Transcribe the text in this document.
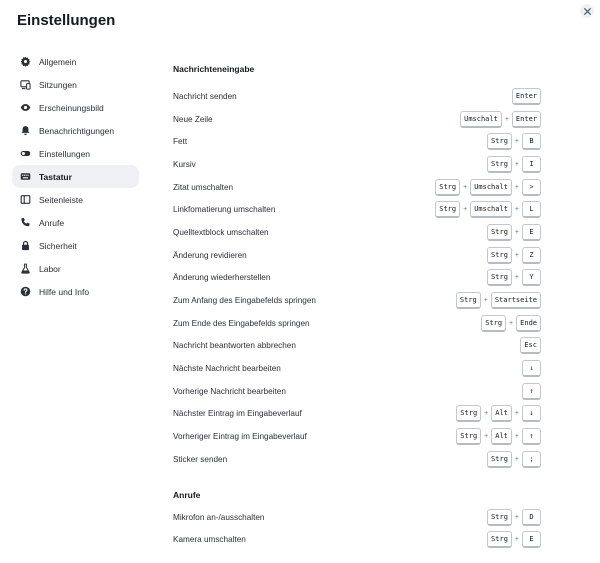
Einstellungen
Allgemein
Sitzungen
Erscheinungsbild
Benachrichtigungen
Einstellungen
Tastatur
Seitenleiste
Anrufe
Sicherheit
Labor
Hilfe und Info
Nachrichteneingabe
Nachricht senden	Enter
Neue Zeile	Umschalt	+	Enter
Fett	Strg	+	B
Kursiv	Strg	+	I
Zitat umschalten	Strg	+	Umschalt	+	>
Linkfomatierung umschalten	Strg	+	Umschalt	+	L
Quelltextblock umschalten	Strg	+	E
Änderung revidieren	Strg	+	Z
Änderung wiederherstellen	Strg	+	Y
Zum Anfang des Eingabefelds springen	Strg	+	Startseite
Zum Ende des Eingabefelds springen	Strg	+	Ende
Nachricht beantworten abbrechen	Esc
Nächste Nachricht bearbeiten	↓
Vorherige Nachricht bearbeiten	↑
Nächster Eintrag im Eingabeverlauf	Strg	+	Alt	+	↓
Vorheriger Eintrag im Eingabeverlauf	Strg	+	Alt	+	↑
Sticker senden	Strg	+	;
Anrufe
Mikrofon an-/ausschalten	Strg	+	D
Kamera umschalten	Strg	+	E
